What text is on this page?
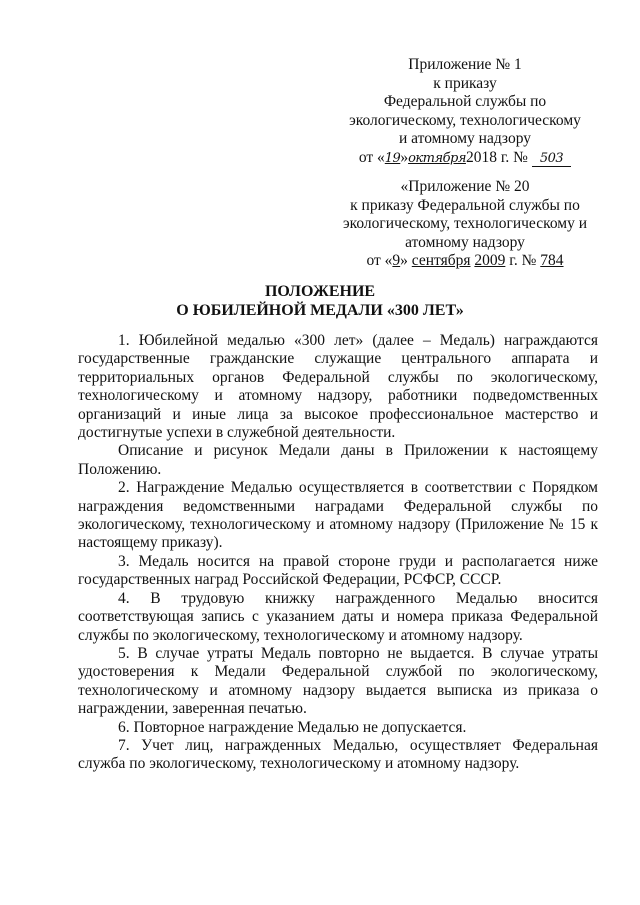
Приложение № 1
к приказу
Федеральной службы по
экологическому, технологическому
и атомному надзору
от «19»октября2018 г. № 503
«Приложение № 20
к приказу Федеральной службы по
экологическому, технологическому и
атомному надзору
от «9» сентября 2009 г. № 784
ПОЛОЖЕНИЕ
О ЮБИЛЕЙНОЙ МЕДАЛИ «300 ЛЕТ»

1. Юбилейной медалью «300 лет» (далее – Медаль) награждаются государственные гражданские служащие центрального аппарата и территориальных органов Федеральной службы по экологическому, технологическому и атомному надзору, работники подведомственных организаций и иные лица за высокое профессиональное мастерство и достигнутые успехи в служебной деятельности.

Описание и рисунок Медали даны в Приложении к настоящему Положению.

2. Награждение Медалью осуществляется в соответствии с Порядком награждения ведомственными наградами Федеральной службы по экологическому, технологическому и атомному надзору (Приложение № 15 к настоящему приказу).

3. Медаль носится на правой стороне груди и располагается ниже государственных наград Российской Федерации, РСФСР, СССР.

4. В трудовую книжку награжденного Медалью вносится соответствующая запись с указанием даты и номера приказа Федеральной службы по экологическому, технологическому и атомному надзору.

5. В случае утраты Медаль повторно не выдается. В случае утраты удостоверения к Медали Федеральной службой по экологическому, технологическому и атомному надзору выдается выписка из приказа о награждении, заверенная печатью.

6. Повторное награждение Медалью не допускается.

7. Учет лиц, награжденных Медалью, осуществляет Федеральная служба по экологическому, технологическому и атомному надзору.
